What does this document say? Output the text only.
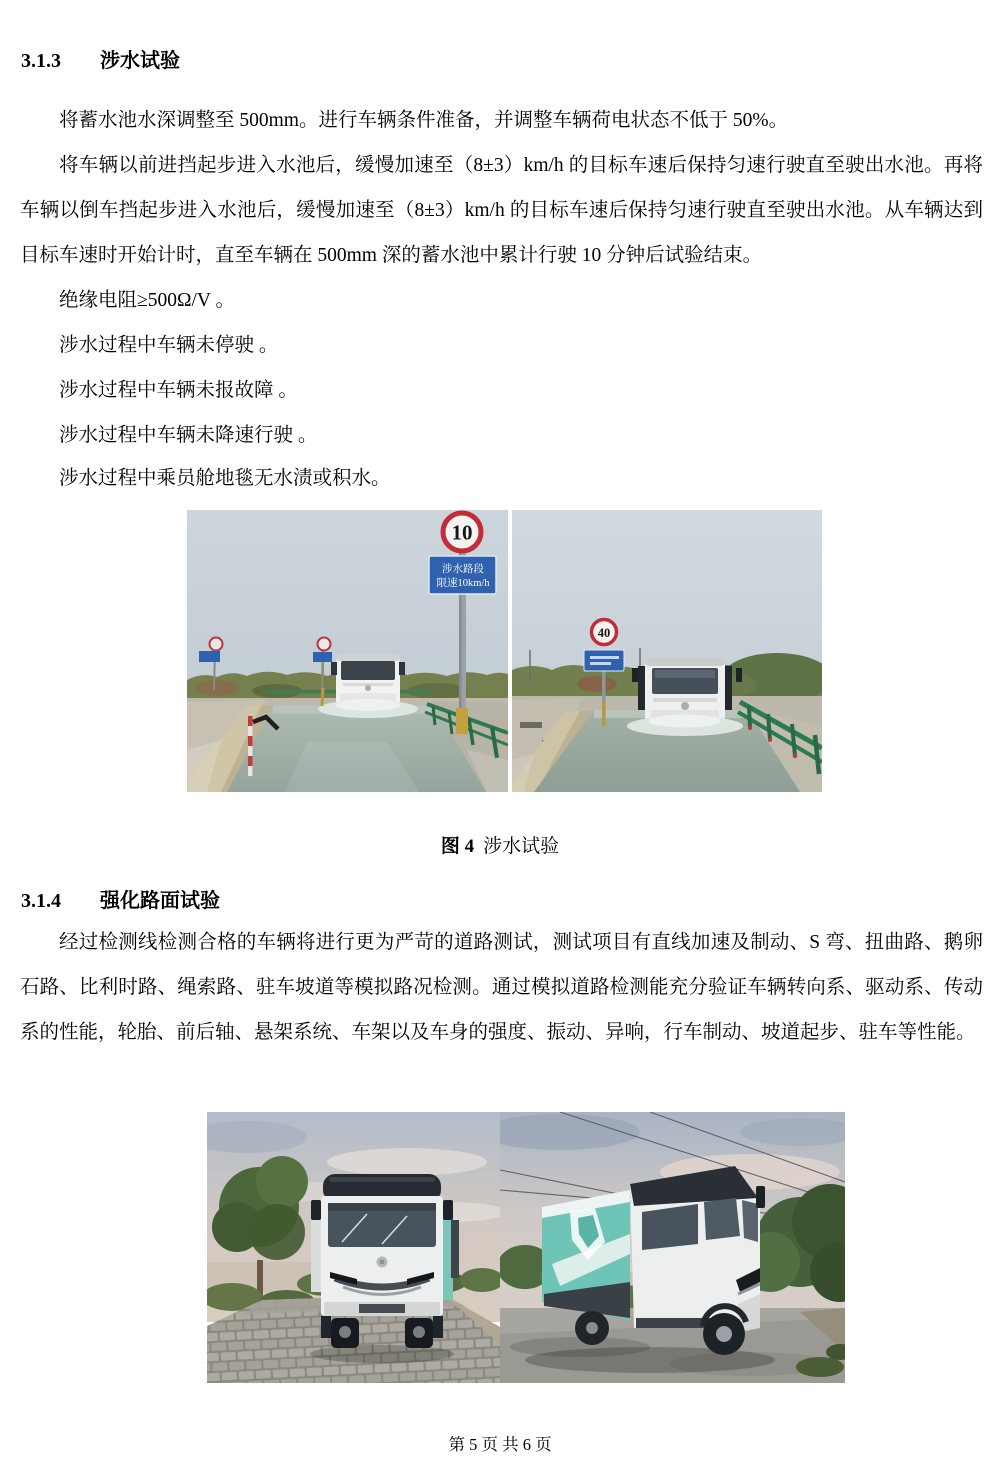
3.1.3 涉水试验

将蓄水池水深调整至 500mm。进行车辆条件准备，并调整车辆荷电状态不低于 50%。

将车辆以前进挡起步进入水池后，缓慢加速至（8±3）km/h 的目标车速后保持匀速行驶直至驶出水池。再将车辆以倒车挡起步进入水池后，缓慢加速至（8±3）km/h 的目标车速后保持匀速行驶直至驶出水池。从车辆达到目标车速时开始计时，直至车辆在 500mm 深的蓄水池中累计行驶 10 分钟后试验结束。

绝缘电阻≥500Ω/V 。

涉水过程中车辆未停驶 。

涉水过程中车辆未报故障 。

涉水过程中车辆未降速行驶 。

涉水过程中乘员舱地毯无水渍或积水。

10
涉水路段
限速10km/h
40
图 4 涉水试验
3.1.4 强化路面试验

经过检测线检测合格的车辆将进行更为严苛的道路测试，测试项目有直线加速及制动、S 弯、扭曲路、鹅卵石路、比利时路、绳索路、驻车坡道等模拟路况检测。通过模拟道路检测能充分验证车辆转向系、驱动系、传动系的性能，轮胎、前后轴、悬架系统、车架以及车身的强度、振动、异响，行车制动、坡道起步、驻车等性能。

第 5 页 共 6 页
